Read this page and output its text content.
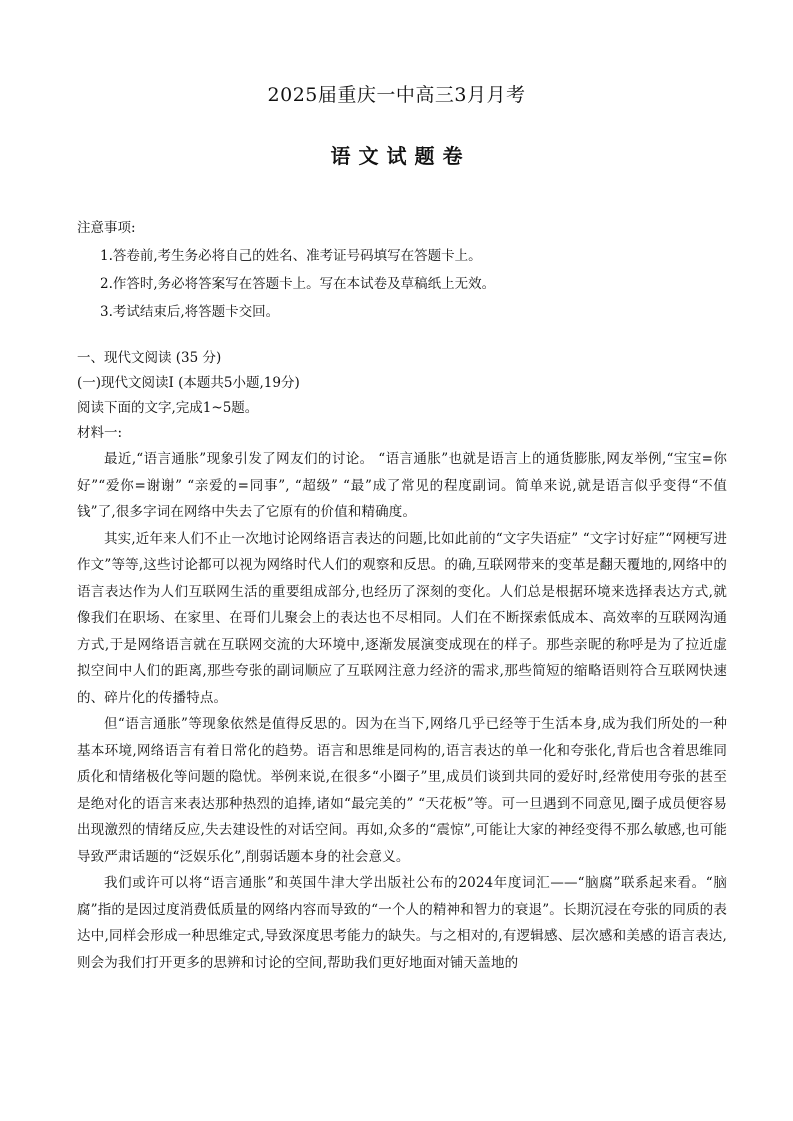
2025届重庆一中高三3月月考
语文试题卷
注意事项:
1.答卷前,考生务必将自己的姓名、准考证号码填写在答题卡上。
2.作答时,务必将答案写在答题卡上。写在本试卷及草稿纸上无效。
3.考试结束后,将答题卡交回。
一、现代文阅读 (35 分)
(一)现代文阅读Ⅰ (本题共5小题,19分)
阅读下面的文字,完成1~5题。
材料一:

最近,“语言通胀”现象引发了网友们的讨论。 “语言通胀”也就是语言上的通货膨胀,网友举例,“宝宝=你好”“爱你=谢谢” “亲爱的=同事”, “超级” “最”成了常见的程度副词。简单来说,就是语言似乎变得“不值钱”了,很多字词在网络中失去了它原有的价值和精确度。

其实,近年来人们不止一次地讨论网络语言表达的问题,比如此前的“文字失语症” “文字讨好症”“网梗写进作文”等等,这些讨论都可以视为网络时代人们的观察和反思。的确,互联网带来的变革是翻天覆地的,网络中的语言表达作为人们互联网生活的重要组成部分,也经历了深刻的变化。人们总是根据环境来选择表达方式,就像我们在职场、在家里、在哥们儿聚会上的表达也不尽相同。人们在不断探索低成本、高效率的互联网沟通方式,于是网络语言就在互联网交流的大环境中,逐渐发展演变成现在的样子。那些亲昵的称呼是为了拉近虚拟空间中人们的距离,那些夸张的副词顺应了互联网注意力经济的需求,那些简短的缩略语则符合互联网快速的、碎片化的传播特点。

但“语言通胀”等现象依然是值得反思的。因为在当下,网络几乎已经等于生活本身,成为我们所处的一种基本环境,网络语言有着日常化的趋势。语言和思维是同构的,语言表达的单一化和夸张化,背后也含着思维同质化和情绪极化等问题的隐忧。举例来说,在很多“小圈子”里,成员们谈到共同的爱好时,经常使用夸张的甚至是绝对化的语言来表达那种热烈的追捧,诸如“最完美的” “天花板”等。可一旦遇到不同意见,圈子成员便容易出现激烈的情绪反应,失去建设性的对话空间。再如,众多的“震惊”,可能让大家的神经变得不那么敏感,也可能导致严肃话题的“泛娱乐化”,削弱话题本身的社会意义。

我们或许可以将“语言通胀”和英国牛津大学出版社公布的2024年度词汇——“脑腐”联系起来看。“脑腐”指的是因过度消费低质量的网络内容而导致的“一个人的精神和智力的衰退”。长期沉浸在夸张的同质的表达中,同样会形成一种思维定式,导致深度思考能力的缺失。与之相对的,有逻辑感、层次感和美感的语言表达,则会为我们打开更多的思辨和讨论的空间,帮助我们更好地面对铺天盖地的
